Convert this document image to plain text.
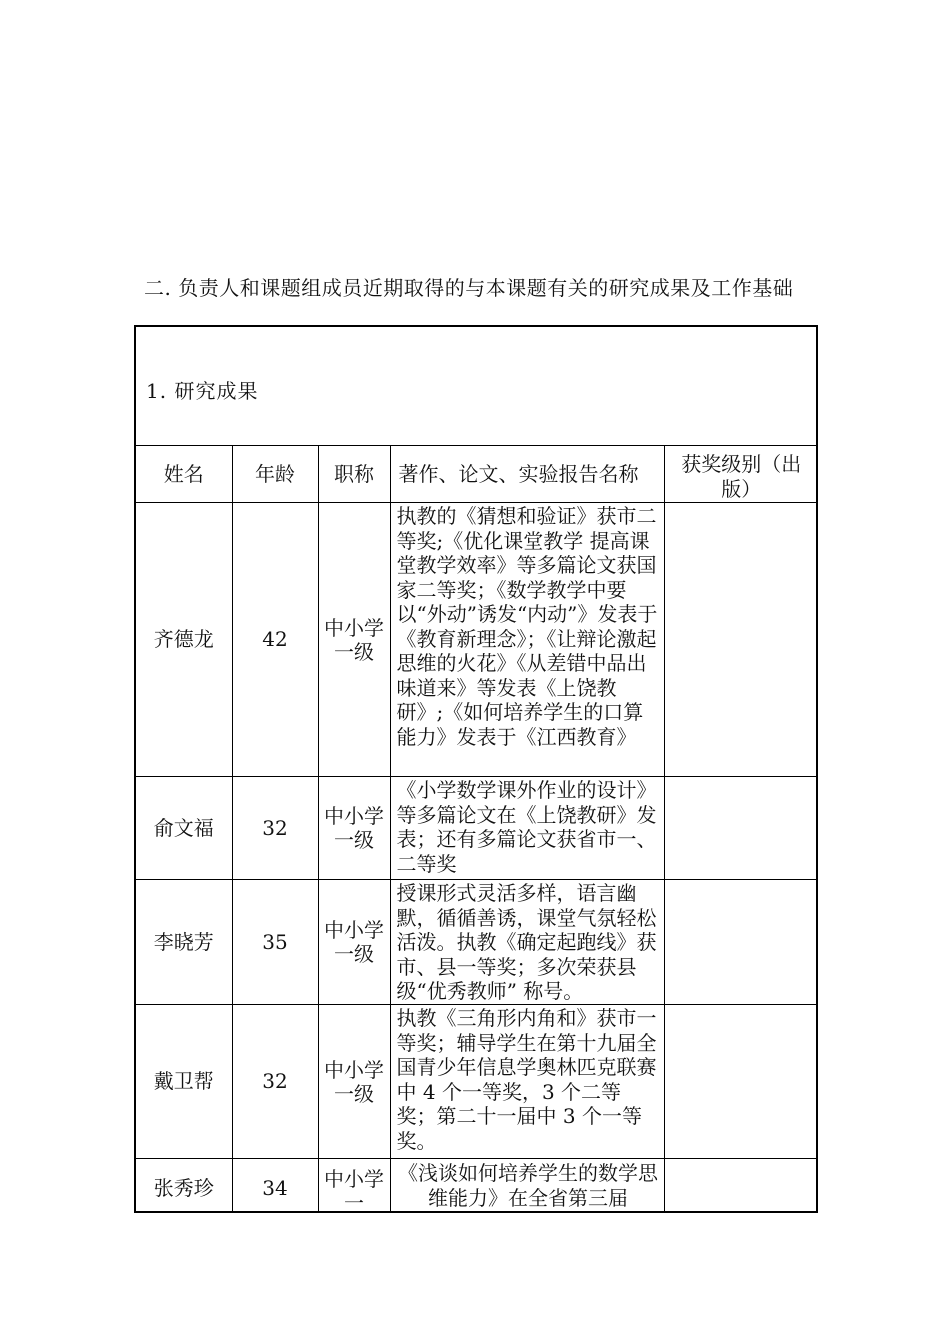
二. 负责人和课题组成员近期取得的与本课题有关的研究成果及工作基础
1. 研究成果
姓名	年龄	职称	著作、论文、实验报告名称	获奖级别（出版）
齐德龙	42	中小学一级	执教的《猜想和验证》获市二等奖;《优化课堂教学 提高课堂教学效率》等多篇论文获国家二等奖；《数学教学中要以“外动”诱发“内动”》发表于《教育新理念》；《让辩论激起思维的火花》《从差错中品出味道来》等发表《上饶教研》;《如何培养学生的口算能力》发表于《江西教育》	
俞文福	32	中小学一级	《小学数学课外作业的设计》等多篇论文在《上饶教研》发表；还有多篇论文获省市一、二等奖	
李晓芳	35	中小学一级	授课形式灵活多样，语言幽默，循循善诱，课堂气氛轻松活泼。执教《确定起跑线》获市、县一等奖；多次荣获县级“优秀教师” 称号。	
戴卫帮	32	中小学一级	执教《三角形内角和》获市一等奖；辅导学生在第十九届全国青少年信息学奥林匹克联赛中 4 个一等奖，3 个二等奖；第二十一届中 3 个一等奖。	
张秀珍	34	中小学一	《浅谈如何培养学生的数学思维能力》在全省第三届	
